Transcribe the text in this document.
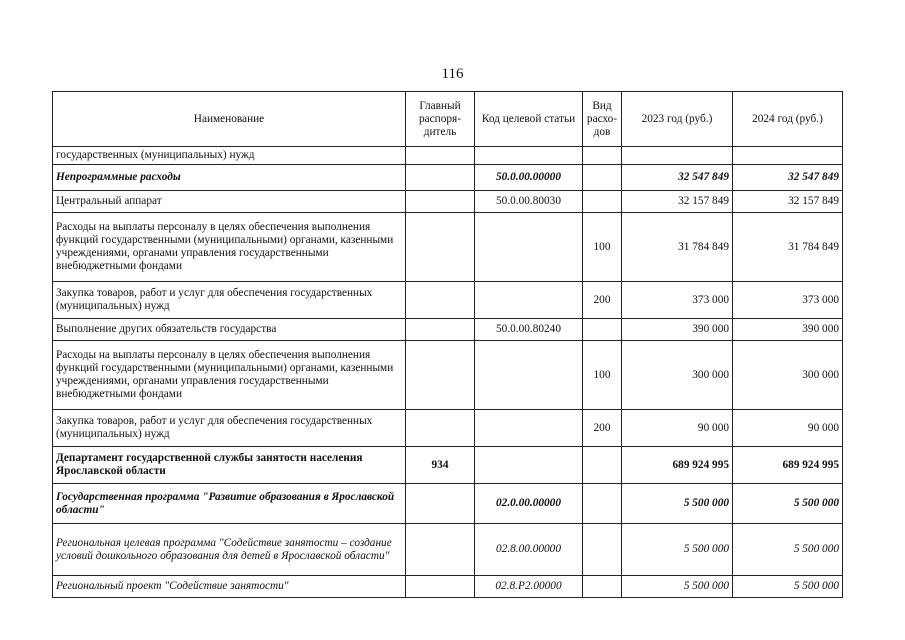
116
Наименование	Главный распоря-дитель	Код целевой статьи	Вид расхо-дов	2023 год (руб.)	2024 год (руб.)
государственных (муниципальных) нужд					
Непрограммные расходы		50.0.00.00000		32 547 849	32 547 849
Центральный аппарат		50.0.00.80030		32 157 849	32 157 849
Расходы на выплаты персоналу в целях обеспечения выполнения функций государственными (муниципальными) органами, казенными учреждениями, органами управления государственными внебюджетными фондами			100	31 784 849	31 784 849
Закупка товаров, работ и услуг для обеспечения государственных (муниципальных) нужд			200	373 000	373 000
Выполнение других обязательств государства		50.0.00.80240		390 000	390 000
Расходы на выплаты персоналу в целях обеспечения выполнения функций государственными (муниципальными) органами, казенными учреждениями, органами управления государственными внебюджетными фондами			100	300 000	300 000
Закупка товаров, работ и услуг для обеспечения государственных (муниципальных) нужд			200	90 000	90 000
Департамент государственной службы занятости населения Ярославской области	934			689 924 995	689 924 995
Государственная программа "Развитие образования в Ярославской области"		02.0.00.00000		5 500 000	5 500 000
Региональная целевая программа "Содействие занятости – создание условий дошкольного образования для детей в Ярославской области"		02.8.00.00000		5 500 000	5 500 000
Региональный проект "Содействие занятости"		02.8.Р2.00000		5 500 000	5 500 000
